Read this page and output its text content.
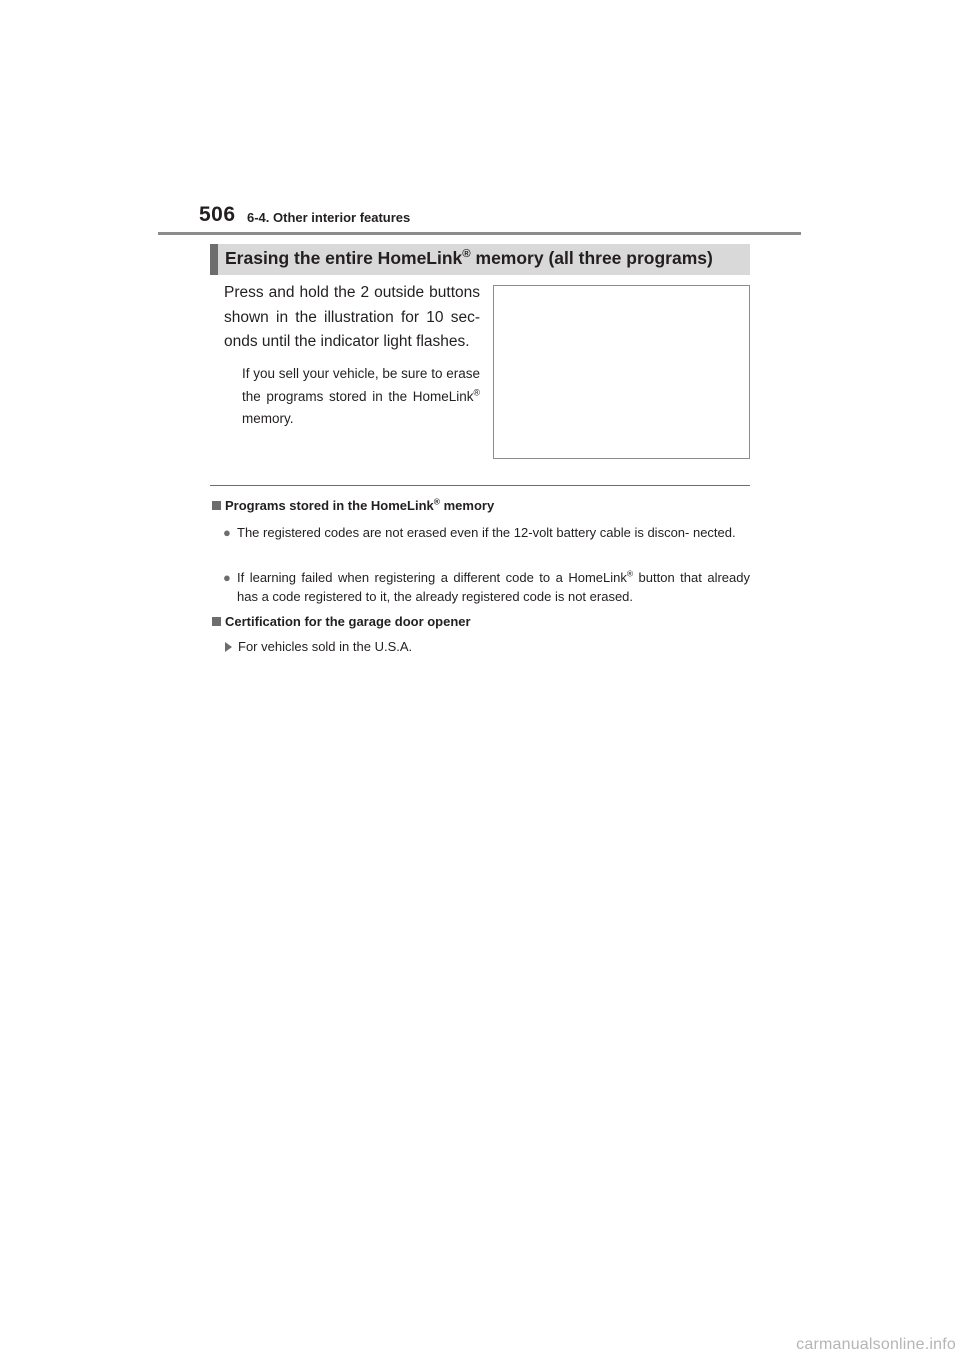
506 6-4. Other interior features
Erasing the entire HomeLink® memory (all three programs)
Press and hold the 2 outside buttons shown in the illustration for 10 sec- onds until the indicator light flashes.
If you sell your vehicle, be sure to erase the programs stored in the HomeLink® memory.
Programs stored in the HomeLink® memory
● The registered codes are not erased even if the 12-volt battery cable is discon- nected.
● If learning failed when registering a different code to a HomeLink® button that already has a code registered to it, the already registered code is not erased.
Certification for the garage door opener
For vehicles sold in the U.S.A.
carmanualsonline.info
